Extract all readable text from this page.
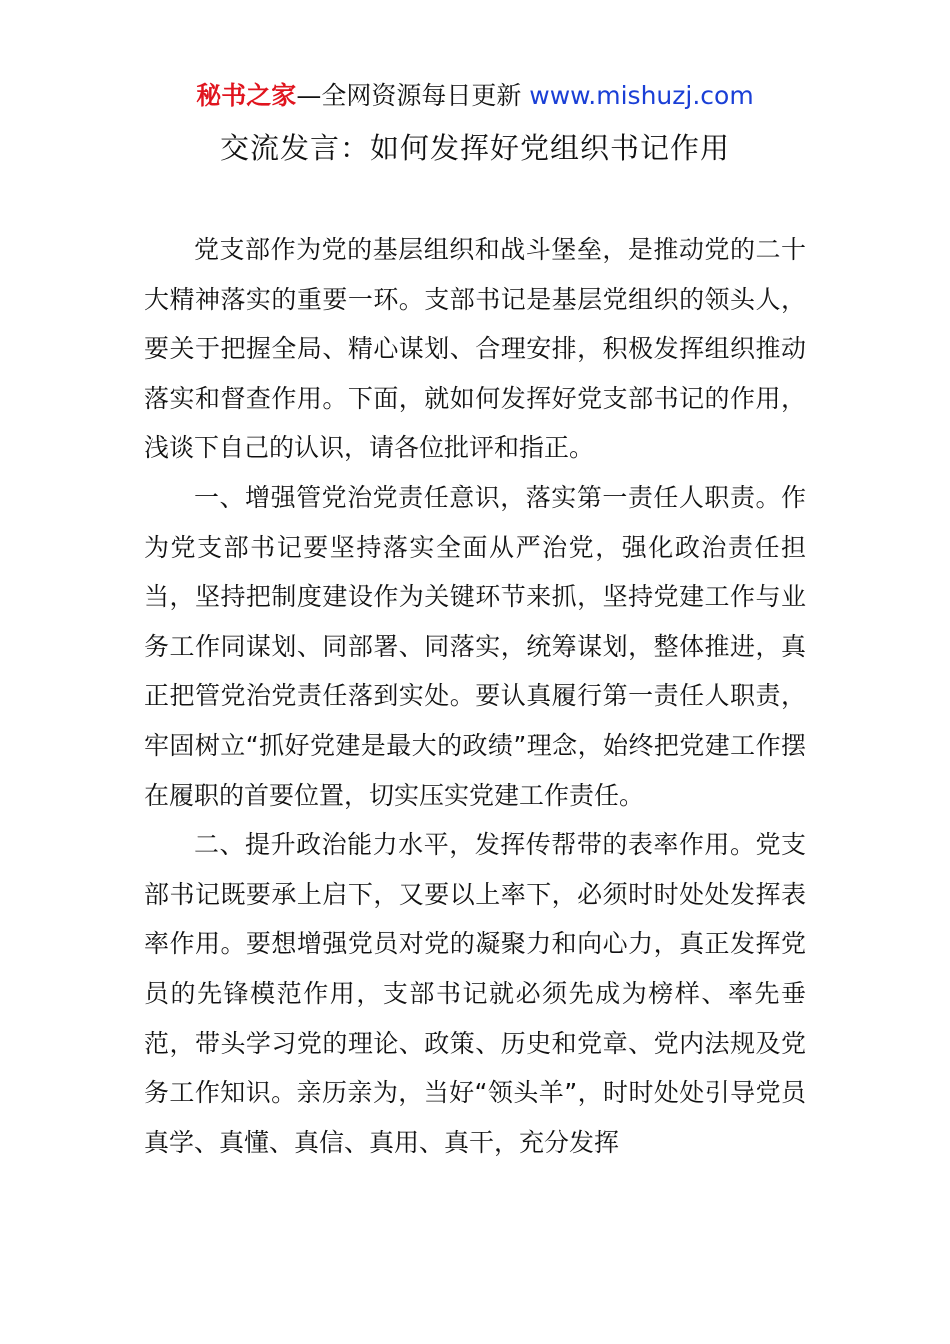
秘书之家—全网资源每日更新 www.mishuzj.com
交流发言：如何发挥好党组织书记作用

党支部作为党的基层组织和战斗堡垒，是推动党的二十大精神落实的重要一环。支部书记是基层党组织的领头人，要关于把握全局、精心谋划、合理安排，积极发挥组织推动落实和督查作用。下面，就如何发挥好党支部书记的作用，浅谈下自己的认识，请各位批评和指正。

一、增强管党治党责任意识，落实第一责任人职责。作为党支部书记要坚持落实全面从严治党，强化政治责任担当，坚持把制度建设作为关键环节来抓，坚持党建工作与业务工作同谋划、同部署、同落实，统筹谋划，整体推进，真正把管党治党责任落到实处。要认真履行第一责任人职责，牢固树立“抓好党建是最大的政绩”理念，始终把党建工作摆在履职的首要位置，切实压实党建工作责任。

二、提升政治能力水平，发挥传帮带的表率作用。党支部书记既要承上启下，又要以上率下，必须时时处处发挥表率作用。要想增强党员对党的凝聚力和向心力，真正发挥党员的先锋模范作用，支部书记就必须先成为榜样、率先垂范，带头学习党的理论、政策、历史和党章、党内法规及党务工作知识。亲历亲为，当好“领头羊”，时时处处引导党员真学、真懂、真信、真用、真干，充分发挥
